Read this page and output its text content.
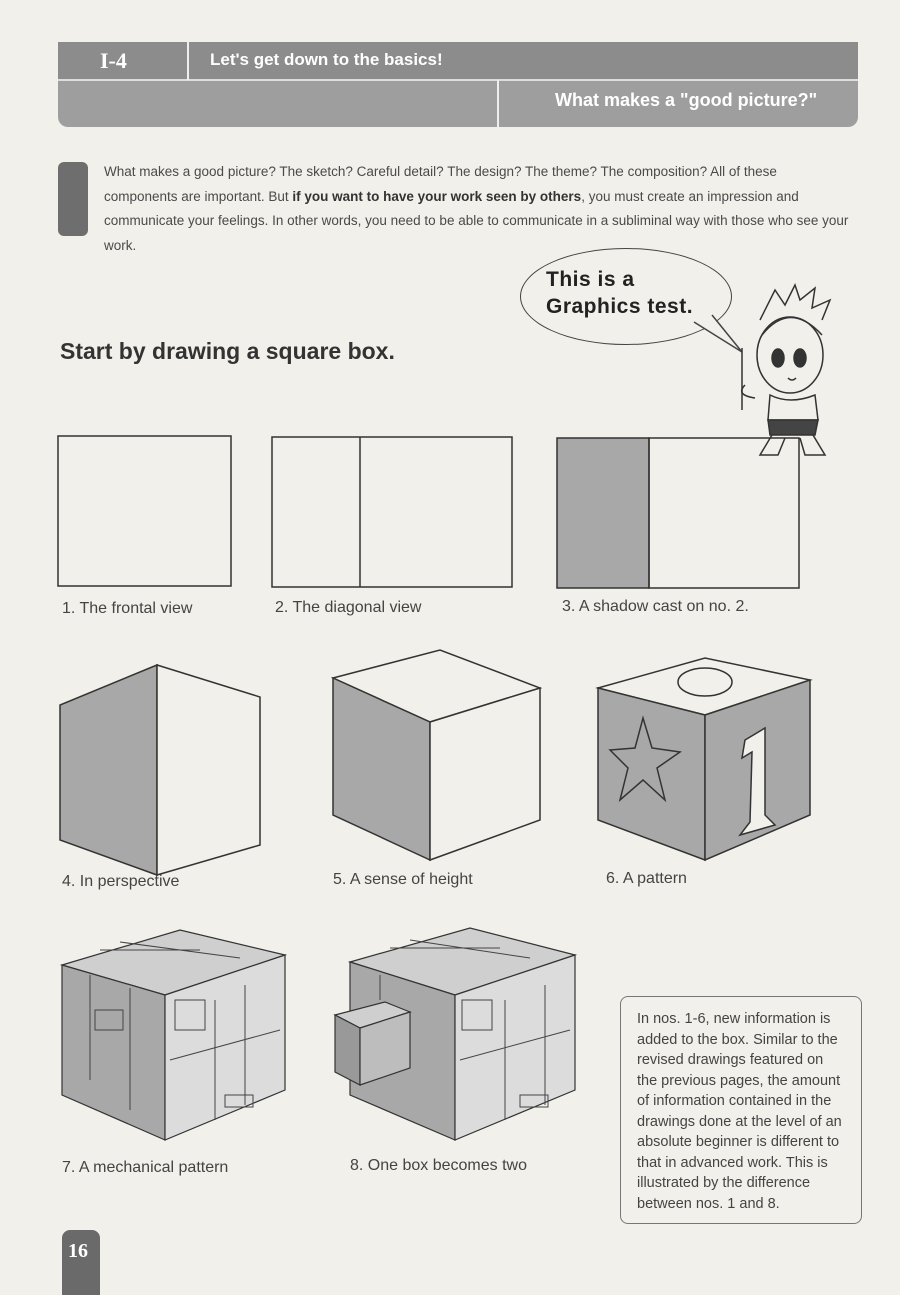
I-4	Let's get down to the basics!
What makes a "good picture?"
What makes a good picture? The sketch? Careful detail? The design? The theme? The composition? All of these components are important. But if you want to have your work seen by others, you must create an impression and communicate your feelings. In other words, you need to be able to communicate in a subliminal way with those who see your work.
This is a
Graphics test.
Start by drawing a square box.
1. The frontal view	2. The diagonal view	3. A shadow cast on no. 2.
4. In perspective	5. A sense of height	6. A pattern
7. A mechanical pattern	8. One box becomes two
In nos. 1-6, new information is added to the box. Similar to the revised drawings featured on the previous pages, the amount of information contained in the drawings done at the level of an absolute beginner is different to that in advanced work. This is illustrated by the difference between nos. 1 and 8.
16
